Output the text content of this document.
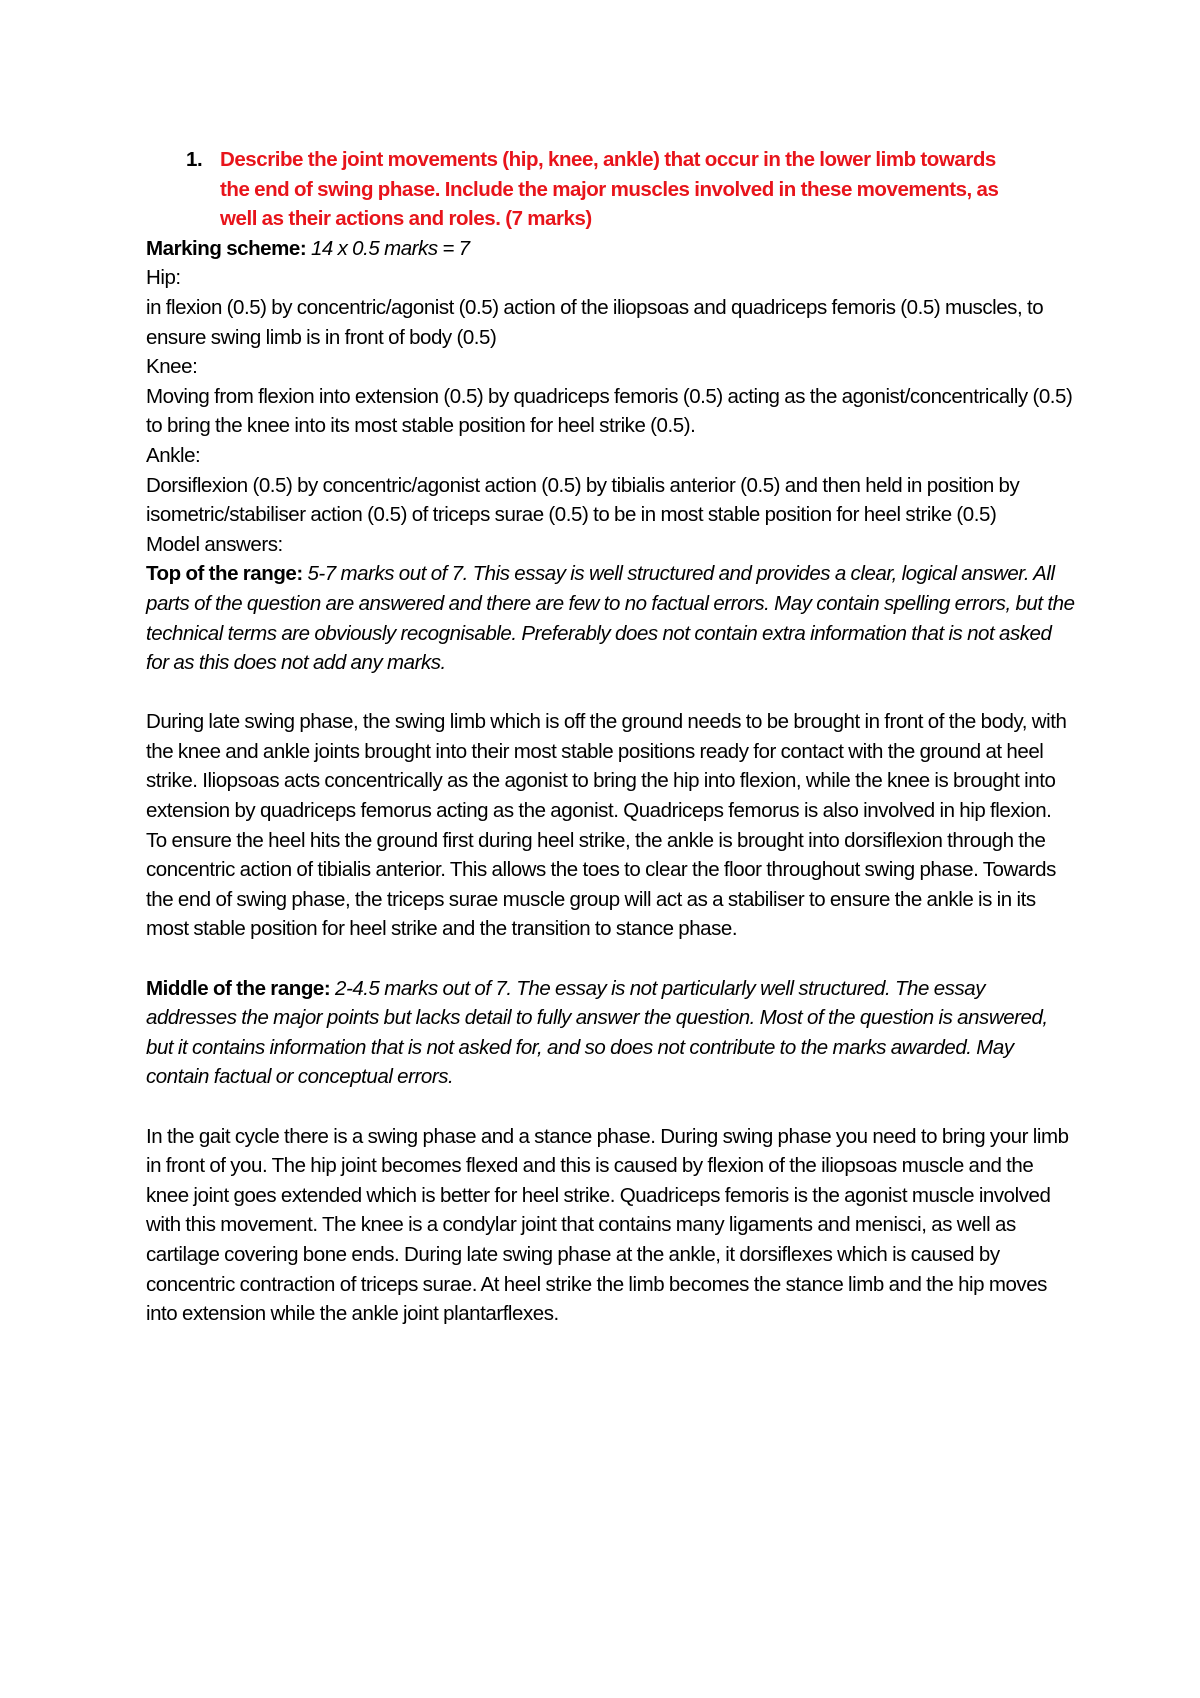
1. Describe the joint movements (hip, knee, ankle) that occur in the lower limb towards the end of swing phase. Include the major muscles involved in these movements, as well as their actions and roles. (7 marks)

Marking scheme: 14 x 0.5 marks = 7

Hip:

in flexion (0.5) by concentric/agonist (0.5) action of the iliopsoas and quadriceps femoris (0.5) muscles, to ensure swing limb is in front of body (0.5)

Knee:

Moving from flexion into extension (0.5) by quadriceps femoris (0.5) acting as the agonist/concentrically (0.5) to bring the knee into its most stable position for heel strike (0.5).

Ankle:

Dorsiflexion (0.5) by concentric/agonist action (0.5) by tibialis anterior (0.5) and then held in position by isometric/stabiliser action (0.5) of triceps surae (0.5) to be in most stable position for heel strike (0.5)

Model answers:

Top of the range: 5-7 marks out of 7. This essay is well structured and provides a clear, logical answer. All parts of the question are answered and there are few to no factual errors. May contain spelling errors, but the technical terms are obviously recognisable. Preferably does not contain extra information that is not asked for as this does not add any marks.

During late swing phase, the swing limb which is off the ground needs to be brought in front of the body, with the knee and ankle joints brought into their most stable positions ready for contact with the ground at heel strike. Iliopsoas acts concentrically as the agonist to bring the hip into flexion, while the knee is brought into extension by quadriceps femorus acting as the agonist. Quadriceps femorus is also involved in hip flexion.

To ensure the heel hits the ground first during heel strike, the ankle is brought into dorsiflexion through the concentric action of tibialis anterior. This allows the toes to clear the floor throughout swing phase. Towards the end of swing phase, the triceps surae muscle group will act as a stabiliser to ensure the ankle is in its most stable position for heel strike and the transition to stance phase.

Middle of the range: 2-4.5 marks out of 7. The essay is not particularly well structured. The essay addresses the major points but lacks detail to fully answer the question. Most of the question is answered, but it contains information that is not asked for, and so does not contribute to the marks awarded. May contain factual or conceptual errors.

In the gait cycle there is a swing phase and a stance phase. During swing phase you need to bring your limb in front of you. The hip joint becomes flexed and this is caused by flexion of the iliopsoas muscle and the knee joint goes extended which is better for heel strike. Quadriceps femoris is the agonist muscle involved with this movement. The knee is a condylar joint that contains many ligaments and menisci, as well as cartilage covering bone ends. During late swing phase at the ankle, it dorsiflexes which is caused by concentric contraction of triceps surae. At heel strike the limb becomes the stance limb and the hip moves into extension while the ankle joint plantarflexes.
